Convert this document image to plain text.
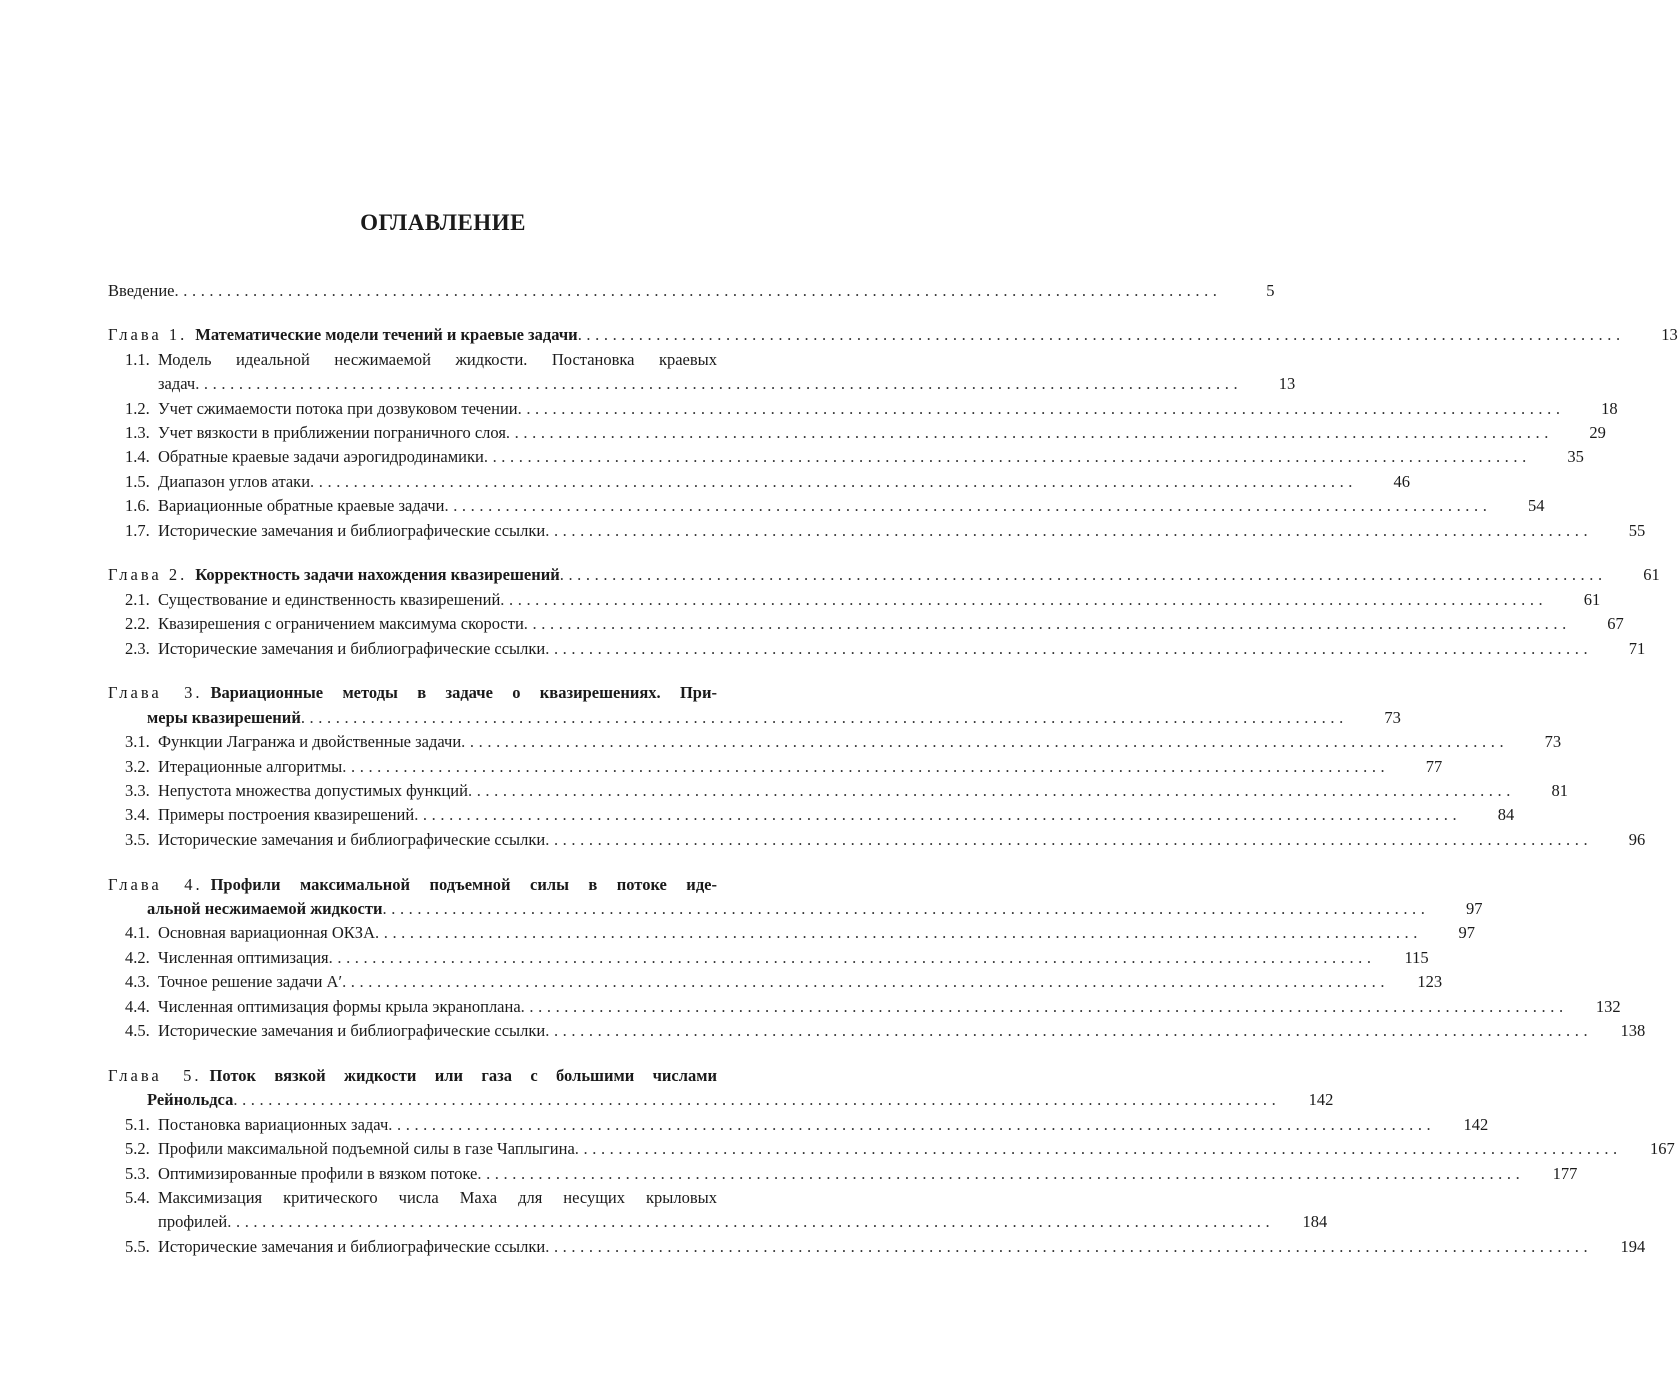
ОГЛАВЛЕНИЕ
Введение ........................................................................................................................	5
Глава 1. Математические модели течений и краевые задачи ........................................................................................................................	13
1.1. Модель идеальной несжимаемой жидкости. Постановка краевых
задач ........................................................................................................................	13
1.2. Учет сжимаемости потока при дозвуковом течении ........................................................................................................................	18
1.3. Учет вязкости в приближении пограничного слоя ........................................................................................................................	29
1.4. Обратные краевые задачи аэрогидродинамики ........................................................................................................................	35
1.5. Диапазон углов атаки ........................................................................................................................	46
1.6. Вариационные обратные краевые задачи ........................................................................................................................	54
1.7. Исторические замечания и библиографические ссылки ........................................................................................................................	55
Глава 2. Корректность задачи нахождения квазирешений ........................................................................................................................	61
2.1. Существование и единственность квазирешений ........................................................................................................................	61
2.2. Квазирешения с ограничением максимума скорости ........................................................................................................................	67
2.3. Исторические замечания и библиографические ссылки ........................................................................................................................	71
Глава 3. Вариационные методы в задаче о квазирешениях. При-
меры квазирешений ........................................................................................................................	73
3.1. Функции Лагранжа и двойственные задачи ........................................................................................................................	73
3.2. Итерационные алгоритмы ........................................................................................................................	77
3.3. Непустота множества допустимых функций ........................................................................................................................	81
3.4. Примеры построения квазирешений ........................................................................................................................	84
3.5. Исторические замечания и библиографические ссылки ........................................................................................................................	96
Глава 4. Профили максимальной подъемной силы в потоке иде-
альной несжимаемой жидкости ........................................................................................................................	97
4.1. Основная вариационная ОКЗА ........................................................................................................................	97
4.2. Численная оптимизация ........................................................................................................................	115
4.3. Точное решение задачи A′ ........................................................................................................................	123
4.4. Численная оптимизация формы крыла экраноплана ........................................................................................................................	132
4.5. Исторические замечания и библиографические ссылки ........................................................................................................................	138
Глава 5. Поток вязкой жидкости или газа с большими числами
Рейнольдса ........................................................................................................................	142
5.1. Постановка вариационных задач ........................................................................................................................	142
5.2. Профили максимальной подъемной силы в газе Чаплыгина ........................................................................................................................	167
5.3. Оптимизированные профили в вязком потоке ........................................................................................................................	177
5.4. Максимизация критического числа Маха для несущих крыловых
профилей ........................................................................................................................	184
5.5. Исторические замечания и библиографические ссылки ........................................................................................................................	194
